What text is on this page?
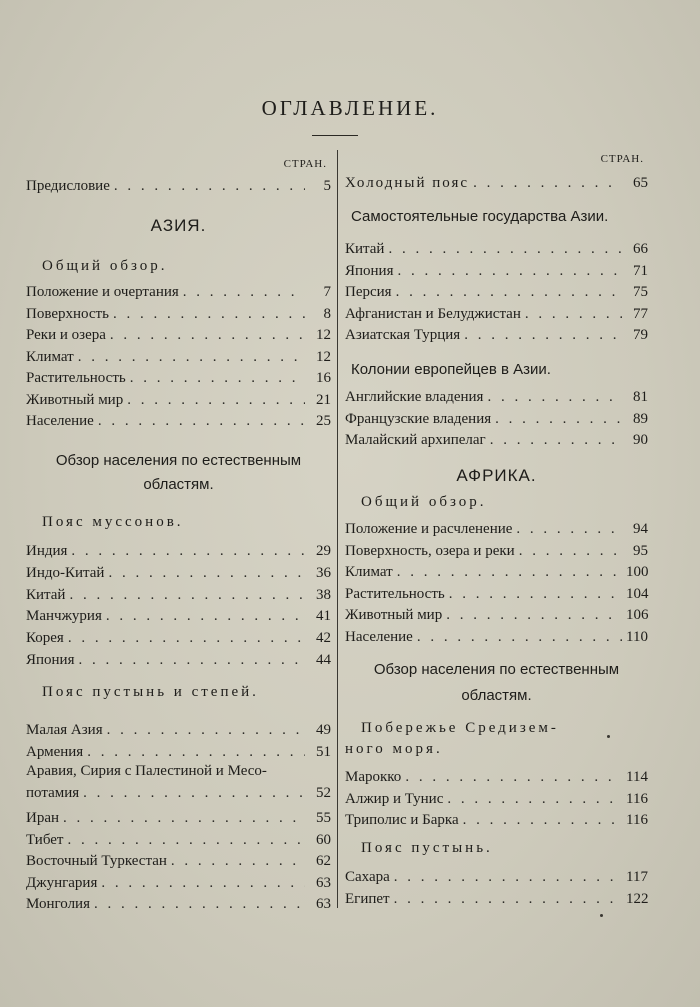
ОГЛАВЛЕНИЕ.
СТРАН.
Предисловие . . .	5
АЗИЯ.
Общий обзор.
Положение и очертания . . .	7
Поверхность . . .	8
Реки и озера . . .	12
Климат . . .	12
Растительность . . .	16
Животный мир . . .	21
Население . . .	25
Обзор населения по естественным
областям.
Пояс муссонов.
Индия . . .	29
Индо-Китай . . .	36
Китай . . .	38
Манчжурия . . .	41
Корея . . .	42
Япония . . .	44
Пояс пустынь и степей.
Малая Азия . . .	49
Армения . . .	51
Аравия, Сирия с Палестиной и Месо-
потамия . . .	52
Иран . . .	55
Тибет . . .	60
Восточный Туркестан . . .	62
Джунгария . . .	63
Монголия . . .	63
СТРАН.
Холодный пояс . . .	65
Самостоятельные государства Азии.
Китай . . .	66
Япония . . .	71
Персия . . .	75
Афганистан и Белуджистан . . .	77
Азиатская Турция . . .	79
Колонии европейцев в Азии.
Английские владения . . .	81
Французские владения . . .	89
Малайский архипелаг . . .	90
АФРИКА.
Общий обзор.
Положение и расчленение . . .	94
Поверхность, озера и реки . . .	95
Климат . . .	100
Растительность . . .	104
Животный мир . . .	106
Население . . .	110
Обзор населения по естественным
областям.
Побережье Средизем-
ного моря.
Марокко . . .	114
Алжир и Тунис . . .	116
Триполис и Барка . . .	116
Пояс пустынь.
Сахара . . .	117
Египет . . .	122
